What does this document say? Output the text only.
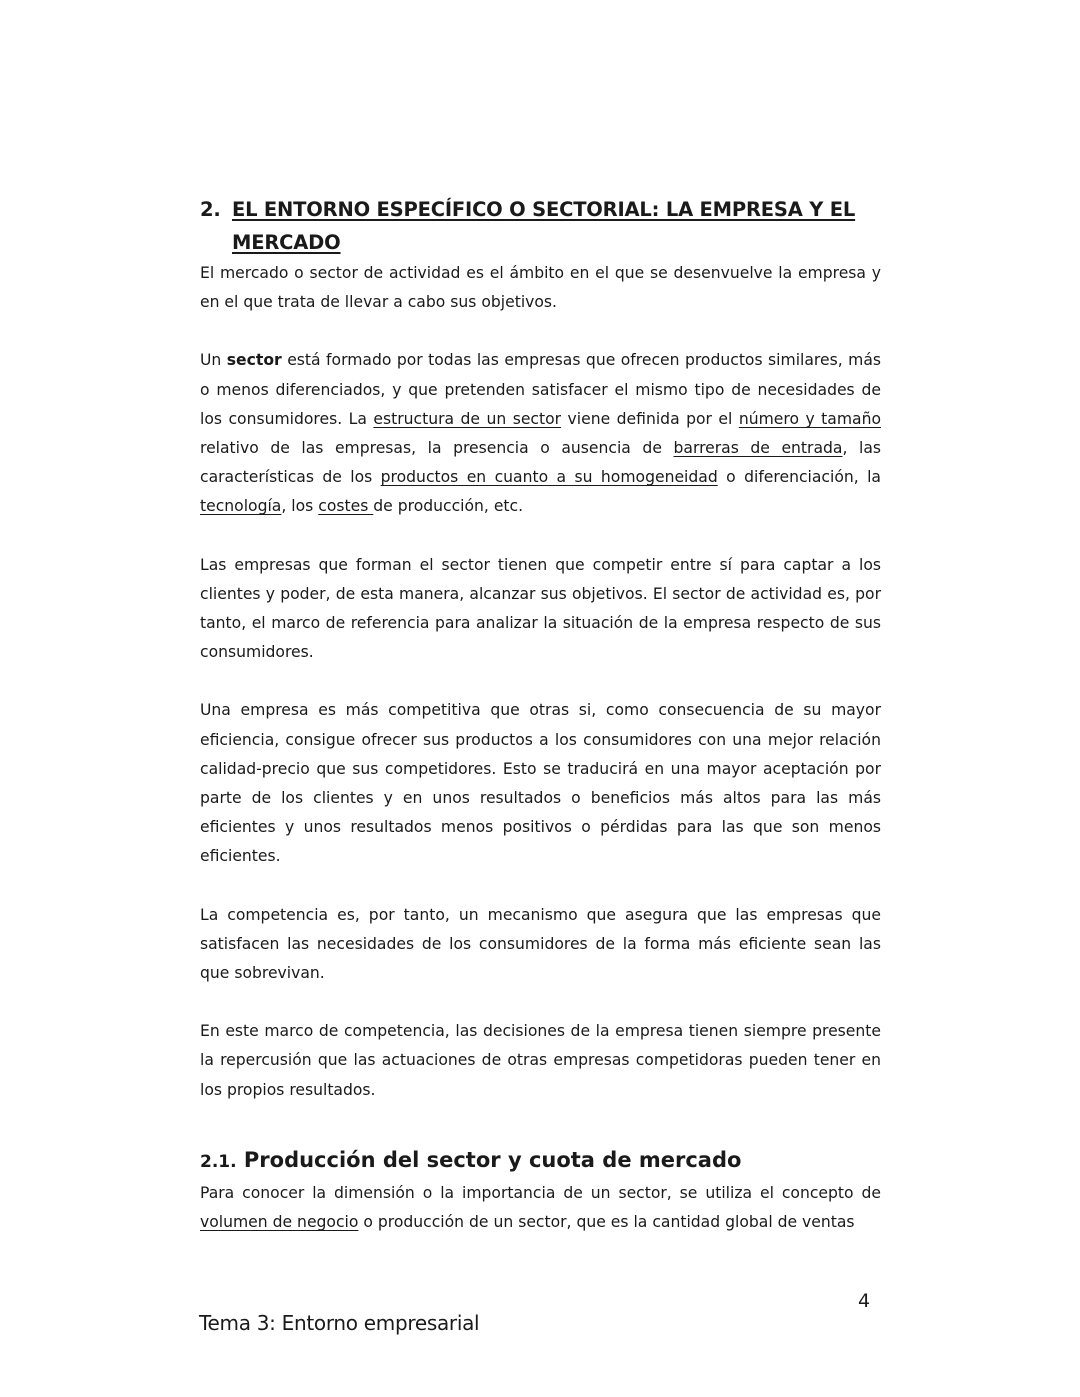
2. EL ENTORNO ESPECÍFICO O SECTORIAL: LA EMPRESA Y EL MERCADO

El mercado o sector de actividad es el ámbito en el que se desenvuelve la empresa y en el que trata de llevar a cabo sus objetivos.

Un sector está formado por todas las empresas que ofrecen productos similares, más o menos diferenciados, y que pretenden satisfacer el mismo tipo de necesidades de los consumidores. La estructura de un sector viene definida por el número y tamaño relativo de las empresas, la presencia o ausencia de barreras de entrada, las características de los productos en cuanto a su homogeneidad o diferenciación, la tecnología, los costes de producción, etc.

Las empresas que forman el sector tienen que competir entre sí para captar a los clientes y poder, de esta manera, alcanzar sus objetivos. El sector de actividad es, por tanto, el marco de referencia para analizar la situación de la empresa respecto de sus consumidores.

Una empresa es más competitiva que otras si, como consecuencia de su mayor eficiencia, consigue ofrecer sus productos a los consumidores con una mejor relación calidad-precio que sus competidores. Esto se traducirá en una mayor aceptación por parte de los clientes y en unos resultados o beneficios más altos para las más eficientes y unos resultados menos positivos o pérdidas para las que son menos eficientes.

La competencia es, por tanto, un mecanismo que asegura que las empresas que satisfacen las necesidades de los consumidores de la forma más eficiente sean las que sobrevivan.

En este marco de competencia, las decisiones de la empresa tienen siempre presente la repercusión que las actuaciones de otras empresas competidoras pueden tener en los propios resultados.

2.1. Producción del sector y cuota de mercado

Para conocer la dimensión o la importancia de un sector, se utiliza el concepto de volumen de negocio o producción de un sector, que es la cantidad global de ventas

4
Tema 3: Entorno empresarial
